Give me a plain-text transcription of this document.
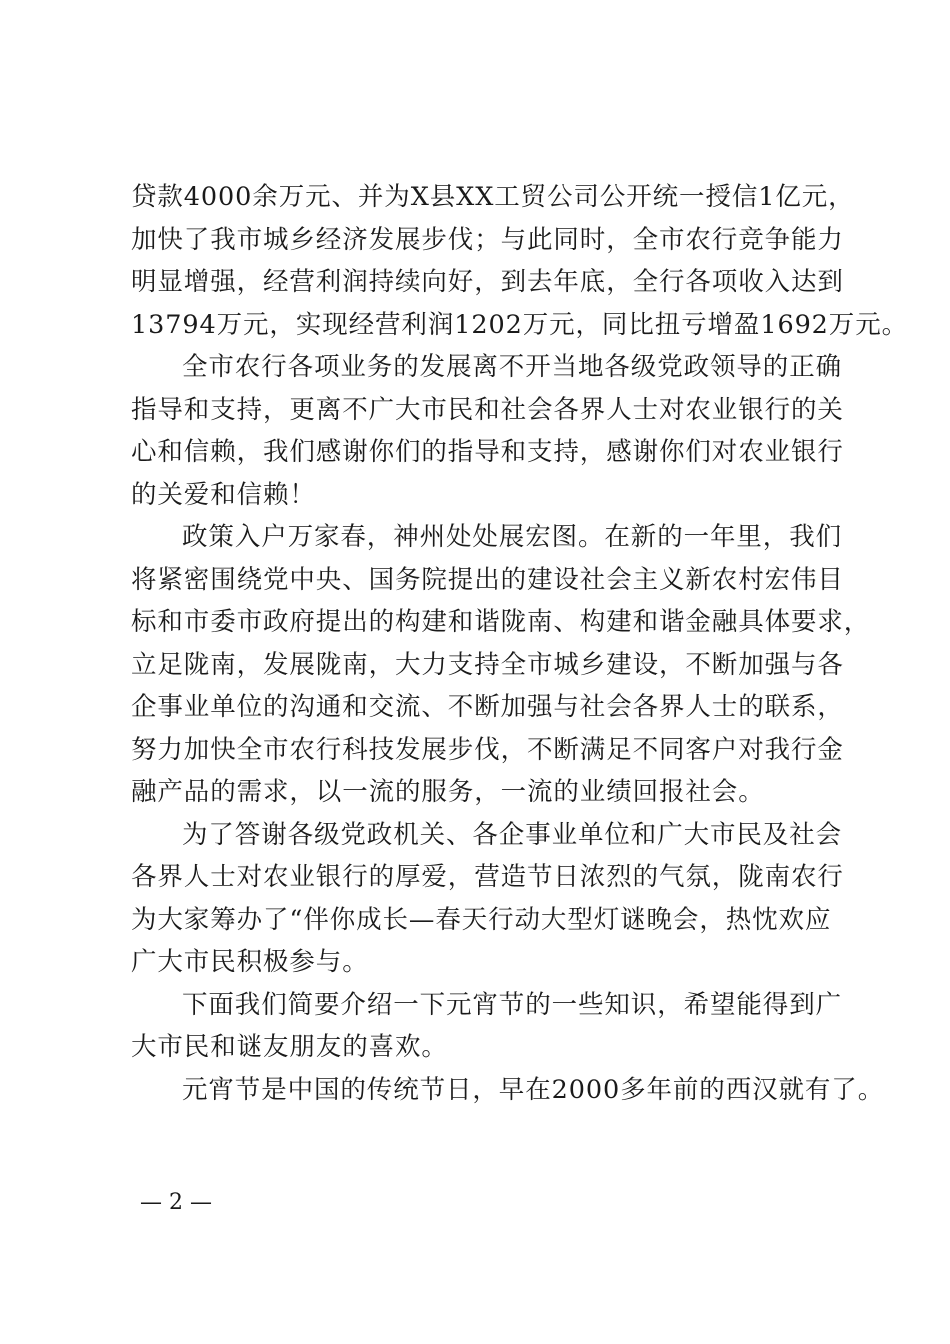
贷款4000余万元、并为X县XX工贸公司公开统一授信1亿元，
加快了我市城乡经济发展步伐；与此同时，全市农行竞争能力
明显增强，经营利润持续向好，到去年底，全行各项收入达到
13794万元，实现经营利润1202万元，同比扭亏增盈1692万元。
全市农行各项业务的发展离不开当地各级党政领导的正确
指导和支持，更离不广大市民和社会各界人士对农业银行的关
心和信赖，我们感谢你们的指导和支持，感谢你们对农业银行
的关爱和信赖！
政策入户万家春，神州处处展宏图。在新的一年里，我们
将紧密围绕党中央、国务院提出的建设社会主义新农村宏伟目
标和市委市政府提出的构建和谐陇南、构建和谐金融具体要求，
立足陇南，发展陇南，大力支持全市城乡建设，不断加强与各
企事业单位的沟通和交流、不断加强与社会各界人士的联系，
努力加快全市农行科技发展步伐，不断满足不同客户对我行金
融产品的需求，以一流的服务，一流的业绩回报社会。
为了答谢各级党政机关、各企事业单位和广大市民及社会
各界人士对农业银行的厚爱，营造节日浓烈的气氛，陇南农行
为大家筹办了“伴你成长—春天行动大型灯谜晚会，热忱欢应
广大市民积极参与。
下面我们简要介绍一下元宵节的一些知识，希望能得到广
大市民和谜友朋友的喜欢。
元宵节是中国的传统节日，早在2000多年前的西汉就有了。
— 2 —
